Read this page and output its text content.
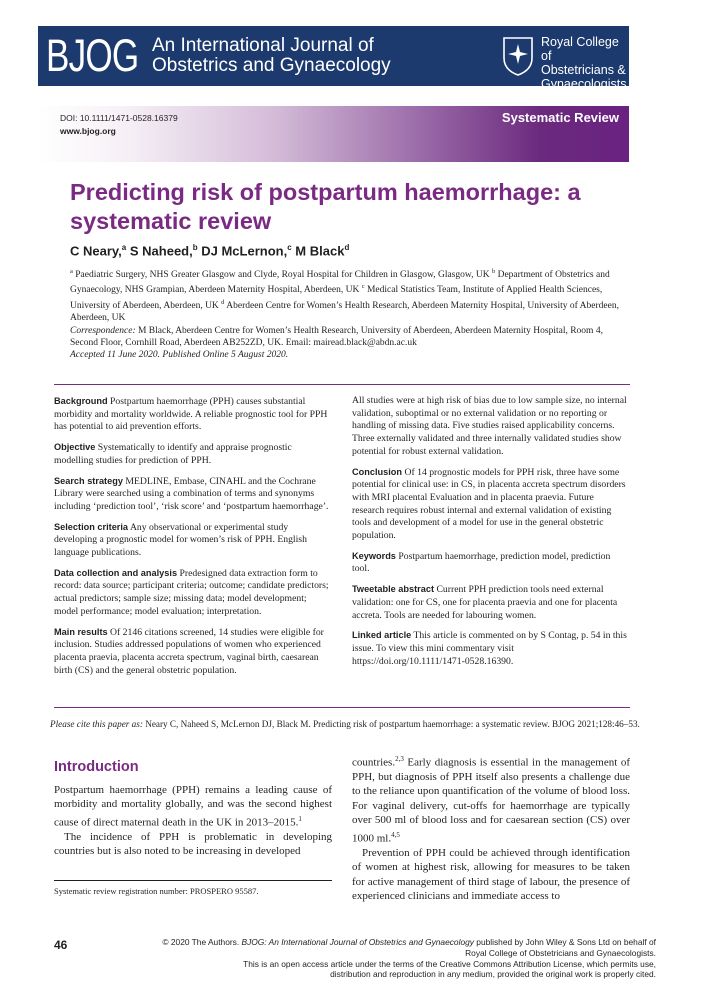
BJOG An International Journal of
Obstetrics and Gynaecology
Royal College of
Obstetricians &
Gynaecologists
DOI: 10.1111/1471-0528.16379
www.bjog.org
Systematic Review
Predicting risk of postpartum haemorrhage: a systematic review
C Neary,$^a$ S Naheed,$^b$ DJ McLernon,$^c$ M Black$^d$
$^a$ Paediatric Surgery, NHS Greater Glasgow and Clyde, Royal Hospital for Children in Glasgow, Glasgow, UK $^b$ Department of Obstetrics and Gynaecology, NHS Grampian, Aberdeen Maternity Hospital, Aberdeen, UK $^c$ Medical Statistics Team, Institute of Applied Health Sciences, University of Aberdeen, Aberdeen, UK $^d$ Aberdeen Centre for Women’s Health Research, Aberdeen Maternity Hospital, University of Aberdeen, Aberdeen, UK
Correspondence: M Black, Aberdeen Centre for Women’s Health Research, University of Aberdeen, Aberdeen Maternity Hospital, Room 4, Second Floor, Cornhill Road, Aberdeen AB252ZD, UK. Email: mairead.black@abdn.ac.uk
Accepted 11 June 2020. Published Online 5 August 2020.

Background Postpartum haemorrhage (PPH) causes substantial morbidity and mortality worldwide. A reliable prognostic tool for PPH has potential to aid prevention efforts.

Objective Systematically to identify and appraise prognostic modelling studies for prediction of PPH.

Search strategy MEDLINE, Embase, CINAHL and the Cochrane Library were searched using a combination of terms and synonyms including ‘prediction tool’, ‘risk score’ and ‘postpartum haemorrhage’.

Selection criteria Any observational or experimental study developing a prognostic model for women’s risk of PPH. English language publications.

Data collection and analysis Predesigned data extraction form to record: data source; participant criteria; outcome; candidate predictors; actual predictors; sample size; missing data; model development; model performance; model evaluation; interpretation.

Main results Of 2146 citations screened, 14 studies were eligible for inclusion. Studies addressed populations of women who experienced placenta praevia, placenta accreta spectrum, vaginal birth, caesarean birth (CS) and the general obstetric population.

All studies were at high risk of bias due to low sample size, no internal validation, suboptimal or no external validation or no reporting or handling of missing data. Five studies raised applicability concerns. Three externally validated and three internally validated studies show potential for robust external validation.

Conclusion Of 14 prognostic models for PPH risk, three have some potential for clinical use: in CS, in placenta accreta spectrum disorders with MRI placental Evaluation and in placenta praevia. Future research requires robust internal and external validation of existing tools and development of a model for use in the general obstetric population.

Keywords Postpartum haemorrhage, prediction model, prediction tool.

Tweetable abstract Current PPH prediction tools need external validation: one for CS, one for placenta praevia and one for placenta accreta. Tools are needed for labouring women.

Linked article This article is commented on by S Contag, p. 54 in this issue. To view this mini commentary visit https://doi.org/10.1111/1471-0528.16390.

Please cite this paper as: Neary C, Naheed S, McLernon DJ, Black M. Predicting risk of postpartum haemorrhage: a systematic review. BJOG 2021;128:46–53.
Introduction

Postpartum haemorrhage (PPH) remains a leading cause of morbidity and mortality globally, and was the second highest cause of direct maternal death in the UK in 2013–2015.$^1$

The incidence of PPH is problematic in developing countries but is also noted to be increasing in developed

countries.$^{2,3}$ Early diagnosis is essential in the management of PPH, but diagnosis of PPH itself also presents a challenge due to the reliance upon quantification of the volume of blood loss. For vaginal delivery, cut-offs for haemorrhage are typically over 500 ml of blood loss and for caesarean section (CS) over 1000 ml.$^{4,5}$

Prevention of PPH could be achieved through identification of women at highest risk, allowing for measures to be taken for active management of third stage of labour, the presence of experienced clinicians and immediate access to

Systematic review registration number: PROSPERO 95587.
46	© 2020 The Authors. BJOG: An International Journal of Obstetrics and Gynaecology published by John Wiley & Sons Ltd on behalf of
Royal College of Obstetricians and Gynaecologists.
This is an open access article under the terms of the Creative Commons Attribution License, which permits use,
distribution and reproduction in any medium, provided the original work is properly cited.
